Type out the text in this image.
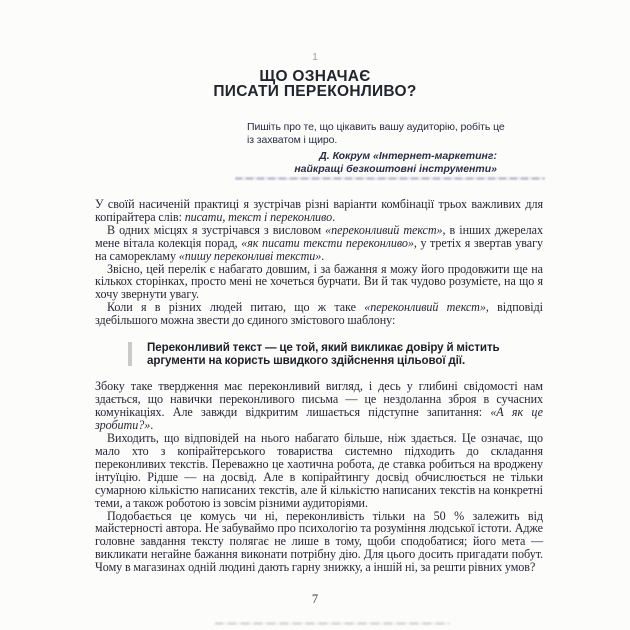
1
ЩО ОЗНАЧАЄ
ПИСАТИ ПЕРЕКОНЛИВО?
Пишіть про те, що цікавить вашу аудиторію, робіть це
із захватом і щиро.
Д. Кокрум «Інтернет-маркетинг:
найкращі безкоштовні інструменти»

У своїй насиченій практиці я зустрічав різні варіанти комбінації трьох важливих для копірайтера слів: писати, текст і переконливо.

В одних місцях я зустрічався з висловом «переконливий текст», в інших джерелах мене вітала колекція порад, «як писати тексти переконливо», у третіх я звертав увагу на саморекламу «пишу переконливі тексти».

Звісно, цей перелік є набагато довшим, і за бажання я можу його продовжити ще на кількох сторінках, просто мені не хочеться бурчати. Ви й так чудово розумієте, на що я хочу звернути увагу.

Коли я в різних людей питаю, що ж таке «переконливий текст», відповіді здебільшого можна звести до єдиного змістового шаблону:

Переконливий текст — це той, який викликає довіру й містить аргументи на користь швидкого здійснення цільової дії.

Збоку таке твердження має переконливий вигляд, і десь у глибині свідомості нам здається, що навички переконливого письма — це нездоланна зброя в сучасних комунікаціях. Але завжди відкритим лишається підступне запитання: «А як це зробити?».

Виходить, що відповідей на нього набагато більше, ніж здається. Це означає, що мало хто з копірайтерського товариства системно підходить до складання переконливих текстів. Переважно це хаотична робота, де ставка робиться на вроджену інтуїцію. Рідше — на досвід. Але в копірайтингу досвід обчислюється не тільки сумарною кількістю написаних текстів, але й кількістю написаних текстів на конкретні теми, а також роботою із зовсім різними аудиторіями.

Подобається це комусь чи ні, переконливість тільки на 50 % залежить від майстерності автора. Не забуваймо про психологію та розуміння людської істоти. Адже головне завдання тексту полягає не лише в тому, щоби сподобатися; його мета — викликати негайне бажання виконати потрібну дію. Для цього досить пригадати побут. Чому в магазинах одній людині дають гарну знижку, а іншій ні, за решти рівних умов?

7
